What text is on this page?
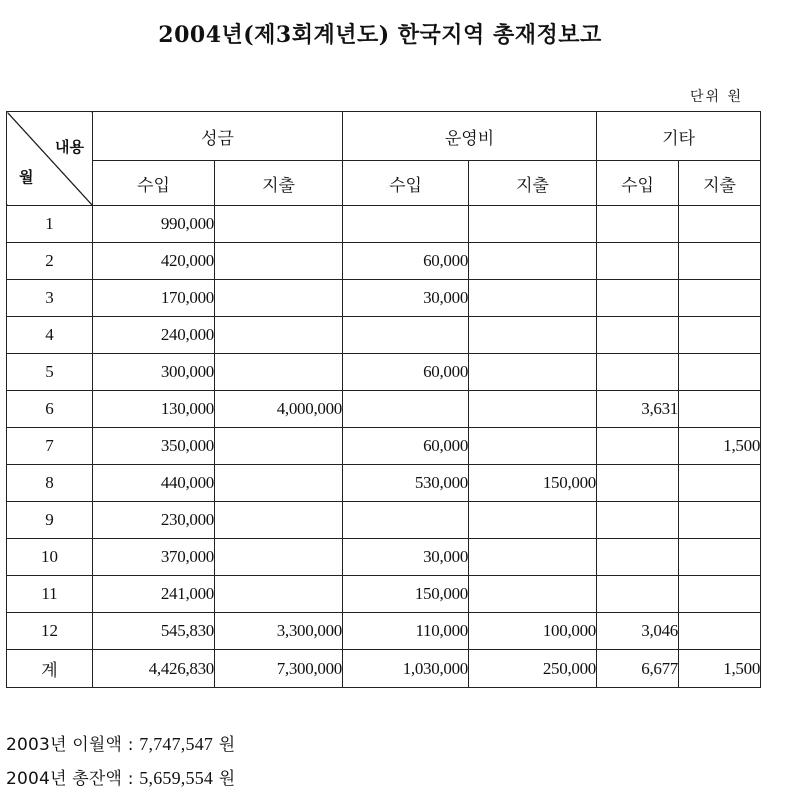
2004년(제3회계년도) 한국지역 총재정보고
단위 원
내용
월	성금		운영비		기타	
	수입	지출	수입	지출	수입	지출
1	990,000					
2	420,000		60,000			
3	170,000		30,000			
4	240,000					
5	300,000		60,000			
6	130,000	4,000,000			3,631	
7	350,000		60,000			1,500
8	440,000		530,000	150,000		
9	230,000					
10	370,000		30,000			
11	241,000		150,000			
12	545,830	3,300,000	110,000	100,000	3,046	
계	4,426,830	7,300,000	1,030,000	250,000	6,677	1,500
2003년 이월액 : 7,747,547 원
2004년 총잔액 : 5,659,554 원
